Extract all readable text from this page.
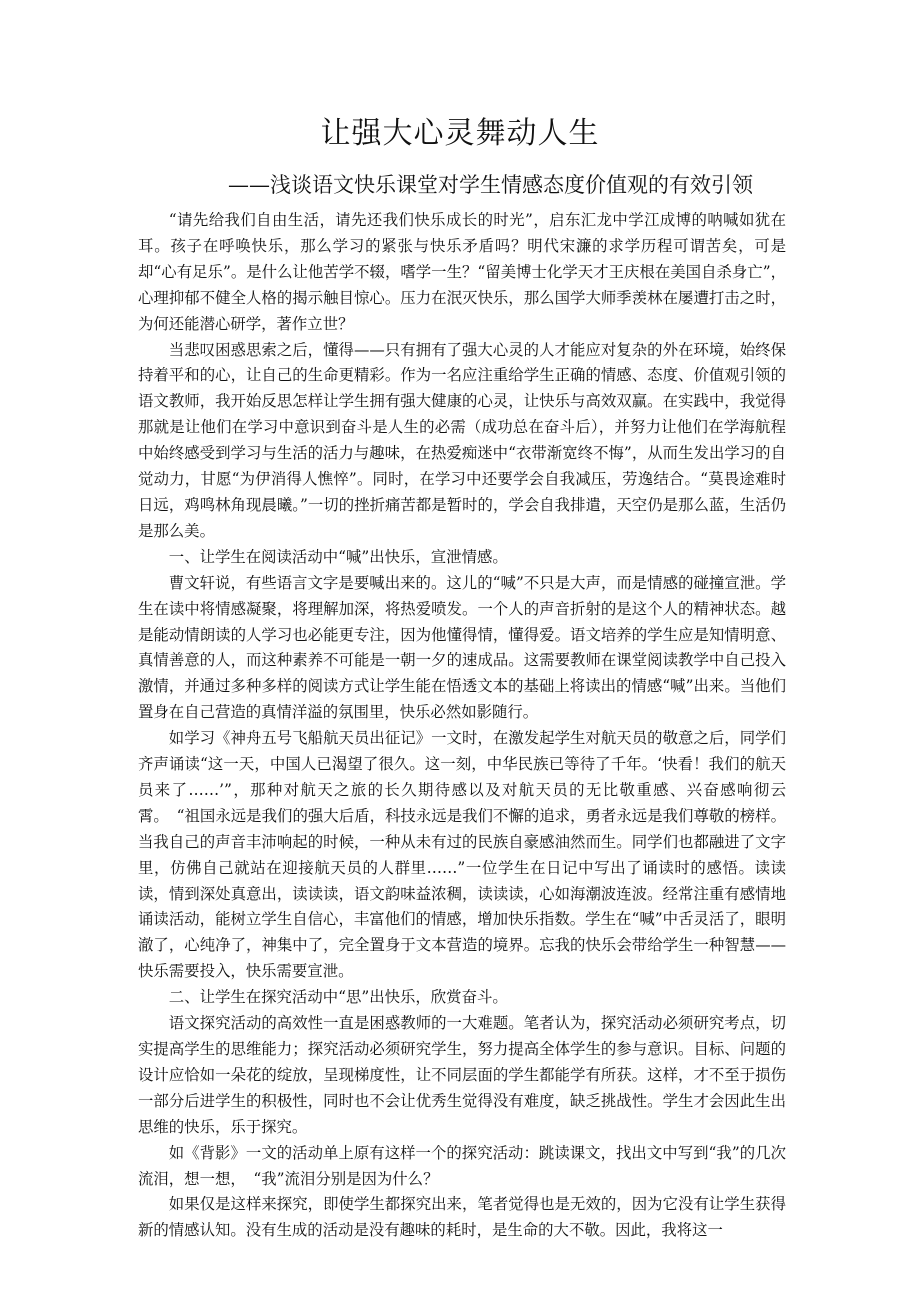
让强大心灵舞动人生
——浅谈语文快乐课堂对学生情感态度价值观的有效引领

“请先给我们自由生活，请先还我们快乐成长的时光”，启东汇龙中学江成博的呐喊如犹在耳。孩子在呼唤快乐，那么学习的紧张与快乐矛盾吗？明代宋濂的求学历程可谓苦矣，可是却“心有足乐”。是什么让他苦学不辍，嗜学一生？“留美博士化学天才王庆根在美国自杀身亡”，心理抑郁不健全人格的揭示触目惊心。压力在泯灭快乐，那么国学大师季羡林在屡遭打击之时，为何还能潜心研学，著作立世？

当悲叹困惑思索之后，懂得——只有拥有了强大心灵的人才能应对复杂的外在环境，始终保持着平和的心，让自己的生命更精彩。作为一名应注重给学生正确的情感、态度、价值观引领的语文教师，我开始反思怎样让学生拥有强大健康的心灵，让快乐与高效双赢。在实践中，我觉得那就是让他们在学习中意识到奋斗是人生的必需（成功总在奋斗后），并努力让他们在学海航程中始终感受到学习与生活的活力与趣味，在热爱痴迷中“衣带渐宽终不悔”，从而生发出学习的自觉动力，甘愿“为伊消得人憔悴”。同时，在学习中还要学会自我减压，劳逸结合。“莫畏途难时日远，鸡鸣林角现晨曦。”一切的挫折痛苦都是暂时的，学会自我排遣，天空仍是那么蓝，生活仍是那么美。

一、让学生在阅读活动中“喊”出快乐，宣泄情感。

曹文轩说，有些语言文字是要喊出来的。这儿的“喊”不只是大声，而是情感的碰撞宣泄。学生在读中将情感凝聚，将理解加深，将热爱喷发。一个人的声音折射的是这个人的精神状态。越是能动情朗读的人学习也必能更专注，因为他懂得情，懂得爱。语文培养的学生应是知情明意、真情善意的人，而这种素养不可能是一朝一夕的速成品。这需要教师在课堂阅读教学中自己投入激情，并通过多种多样的阅读方式让学生能在悟透文本的基础上将读出的情感“喊”出来。当他们置身在自己营造的真情洋溢的氛围里，快乐必然如影随行。

如学习《神舟五号飞船航天员出征记》一文时，在激发起学生对航天员的敬意之后，同学们齐声诵读“这一天，中国人已渴望了很久。这一刻，中华民族已等待了千年。‘快看！我们的航天员来了……’”，那种对航天之旅的长久期待感以及对航天员的无比敬重感、兴奋感响彻云霄。　“祖国永远是我们的强大后盾，科技永远是我们不懈的追求，勇者永远是我们尊敬的榜样。当我自己的声音丰沛响起的时候，一种从未有过的民族自豪感油然而生。同学们也都融进了文字里，仿佛自己就站在迎接航天员的人群里……”一位学生在日记中写出了诵读时的感悟。读读读，情到深处真意出，读读读，语文韵味益浓稠，读读读，心如海潮波连波。经常注重有感情地诵读活动，能树立学生自信心，丰富他们的情感，增加快乐指数。学生在“喊”中舌灵活了，眼明澈了，心纯净了，神集中了，完全置身于文本营造的境界。忘我的快乐会带给学生一种智慧——快乐需要投入，快乐需要宣泄。

二、让学生在探究活动中“思”出快乐，欣赏奋斗。

语文探究活动的高效性一直是困惑教师的一大难题。笔者认为，探究活动必须研究考点，切实提高学生的思维能力；探究活动必须研究学生，努力提高全体学生的参与意识。目标、问题的设计应恰如一朵花的绽放，呈现梯度性，让不同层面的学生都能学有所获。这样，才不至于损伤一部分后进学生的积极性，同时也不会让优秀生觉得没有难度，缺乏挑战性。学生才会因此生出思维的快乐，乐于探究。

如《背影》一文的活动单上原有这样一个的探究活动：跳读课文，找出文中写到“我”的几次流泪，想一想，　“我”流泪分别是因为什么？

如果仅是这样来探究，即使学生都探究出来，笔者觉得也是无效的，因为它没有让学生获得新的情感认知。没有生成的活动是没有趣味的耗时，是生命的大不敬。因此，我将这一
